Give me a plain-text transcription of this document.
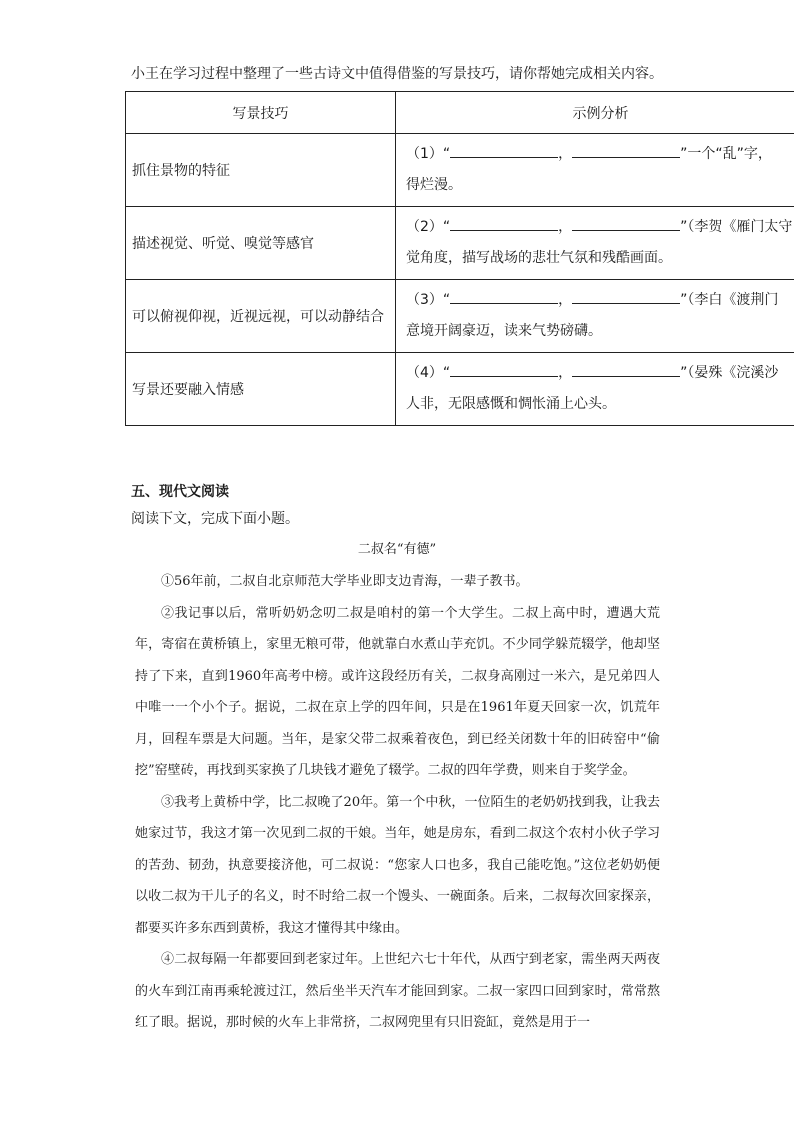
小王在学习过程中整理了一些古诗文中值得借鉴的写景技巧，请你帮她完成相关内容。
写景技巧	示例分析
抓住景物的特征	（1）“ ， ”一个“乱”字，
得烂漫。
描述视觉、听觉、嗅觉等感官	（2）“ ， ”（李贺《雁门太守
觉角度，描写战场的悲壮气氛和残酷画面。
可以俯视仰视，近视远视，可以动静结合	（3）“ ， ”（李白《渡荆门
意境开阔豪迈，读来气势磅礴。
写景还要融入情感	（4）“ ， ”（晏殊《浣溪沙
人非，无限感慨和惆怅涌上心头。
五、现代文阅读
阅读下文，完成下面小题。
二叔名“有德”

①56年前，二叔自北京师范大学毕业即支边青海，一辈子教书。

②我记事以后，常听奶奶念叨二叔是咱村的第一个大学生。二叔上高中时，遭遇大荒年，寄宿在黄桥镇上，家里无粮可带，他就靠白水煮山芋充饥。不少同学躲荒辍学，他却坚持了下来，直到1960年高考中榜。或许这段经历有关，二叔身高刚过一米六，是兄弟四人中唯一一个小个子。据说，二叔在京上学的四年间，只是在1961年夏天回家一次，饥荒年月，回程车票是大问题。当年，是家父带二叔乘着夜色，到已经关闭数十年的旧砖窑中“偷挖”窑壁砖，再找到买家换了几块钱才避免了辍学。二叔的四年学费，则来自于奖学金。

③我考上黄桥中学，比二叔晚了20年。第一个中秋，一位陌生的老奶奶找到我，让我去她家过节，我这才第一次见到二叔的干娘。当年，她是房东，看到二叔这个农村小伙子学习的苦劲、韧劲，执意要接济他，可二叔说：“您家人口也多，我自己能吃饱。”这位老奶奶便以收二叔为干儿子的名义，时不时给二叔一个馒头、一碗面条。后来，二叔每次回家探亲，都要买许多东西到黄桥，我这才懂得其中缘由。

④二叔每隔一年都要回到老家过年。上世纪六七十年代，从西宁到老家，需坐两天两夜的火车到江南再乘轮渡过江，然后坐半天汽车才能回到家。二叔一家四口回到家时，常常熬红了眼。据说，那时候的火车上非常挤，二叔网兜里有只旧瓷缸，竟然是用于一
